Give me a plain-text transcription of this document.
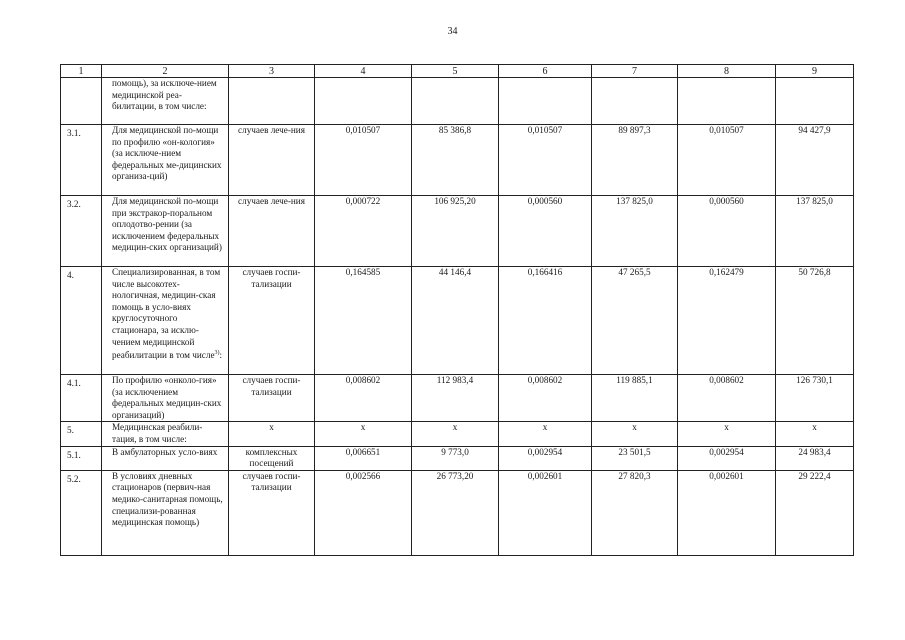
34
1	2	3	4	5	6	7	8	9

	помощь), за исключе-нием медицинской реа-билитации, в том числе:							

3.1.	Для медицинской по-мощи по профилю «он-кология» (за исключе-нием федеральных ме-дицинских организа-ций)	случаев лече-ния	0,010507	85 386,8	0,010507	89 897,3	0,010507	94 427,9

3.2.	Для медицинской по-мощи при экстракор-поральном оплодотво-рении (за исключением федеральных медицин-ских организаций)	случаев лече-ния	0,000722	106 925,20	0,000560	137 825,0	0,000560	137 825,0

4.	Специализированная, в том числе высокотех-нологичная, медицин-ская помощь в усло-виях круглосуточного стационара, за исклю-чением медицинской реабилитации в том числе$^{3)}$:	случаев госпи-тализации	0,164585	44 146,4	0,166416	47 265,5	0,162479	50 726,8

4.1.	По профилю «онколо-гия» (за исключением федеральных медицин-ских организаций)	случаев госпи-тализации	0,008602	112 983,4	0,008602	119 885,1	0,008602	126 730,1

5.	Медицинская реабили-тация, в том числе:	х	х	х	х	х	х	х

5.1.	В амбулаторных усло-виях	комплексных посещений	0,006651	9 773,0	0,002954	23 501,5	0,002954	24 983,4

5.2.	В условиях дневных стационаров (первич-ная медико-санитарная помощь, специализи-рованная медицинская помощь)	случаев госпи-тализации	0,002566	26 773,20	0,002601	27 820,3	0,002601	29 222,4
